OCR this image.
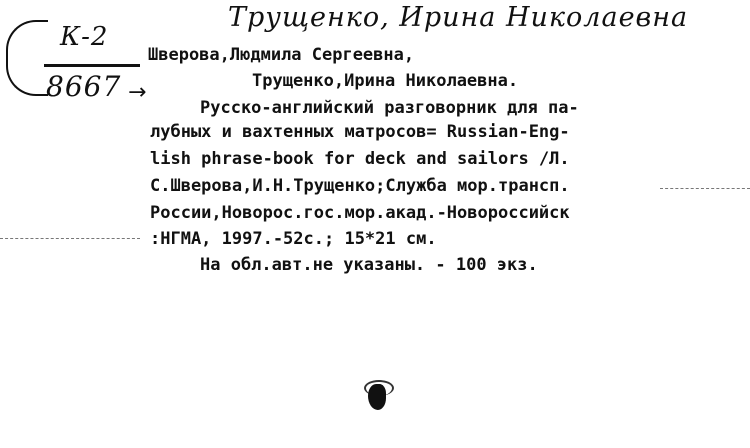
Трущенко, Ирина Николаевна
К-2
8667 →
Шверова,Людмила Сергеевна,
Трущенко,Ирина Николаевна.
Русско-английский разговорник для па-
лубных и вахтенных матросов= Russian-Eng-
lish phrase-book for deck and sailors /Л.
С.Шверова,И.Н.Трущенко;Служба мор.трансп.
России,Новорос.гос.мор.акад.-Новороссийск
:НГМА, 1997.-52с.; 15*21 см.
На обл.авт.не указаны. - 100 экз.
